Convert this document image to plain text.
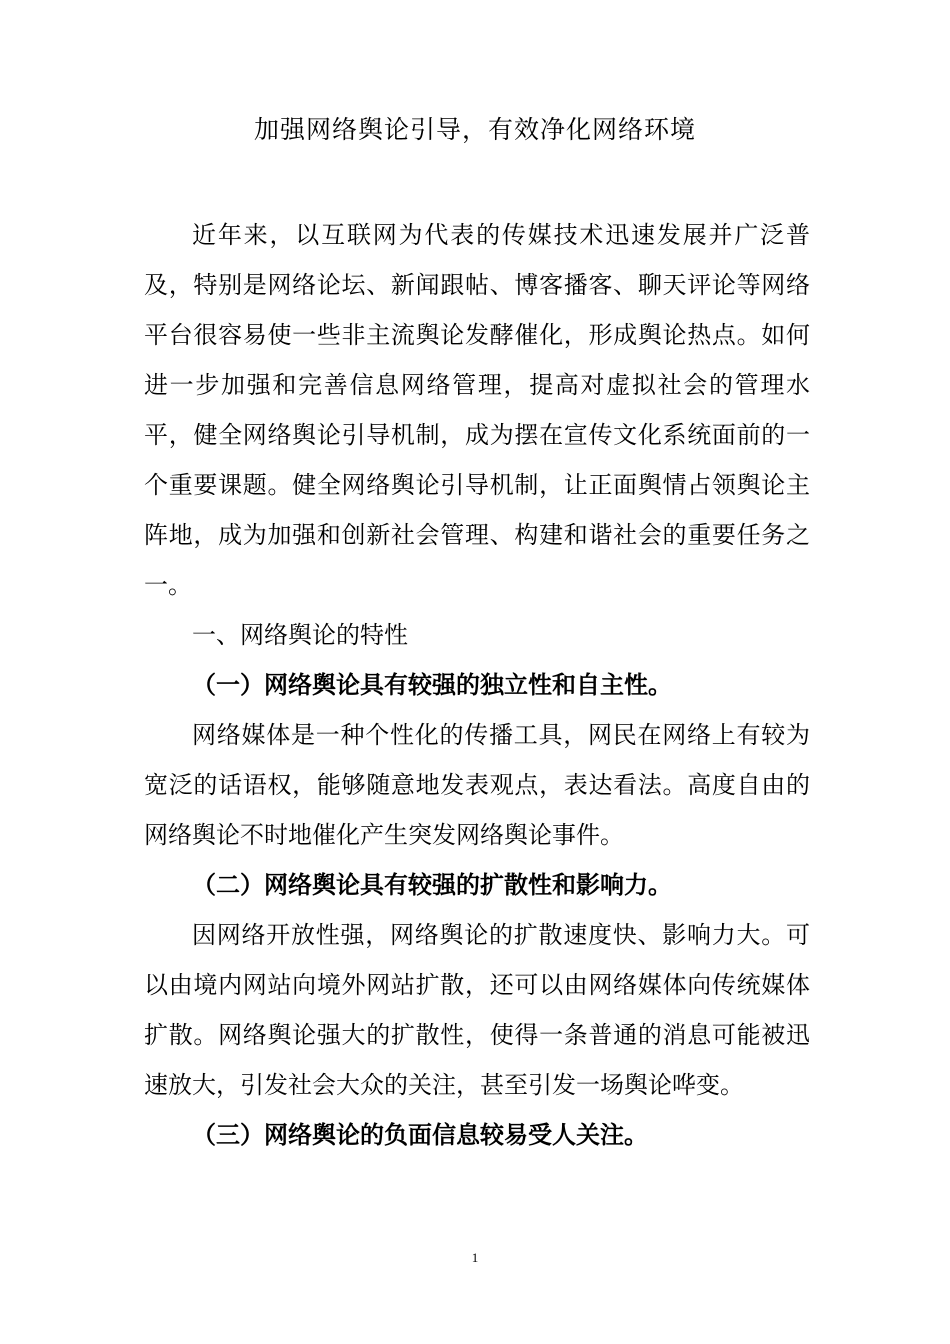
加强网络舆论引导，有效净化网络环境

近年来，以互联网为代表的传媒技术迅速发展并广泛普及，特别是网络论坛、新闻跟帖、博客播客、聊天评论等网络平台很容易使一些非主流舆论发酵催化，形成舆论热点。如何进一步加强和完善信息网络管理，提高对虚拟社会的管理水平，健全网络舆论引导机制，成为摆在宣传文化系统面前的一个重要课题。健全网络舆论引导机制，让正面舆情占领舆论主阵地，成为加强和创新社会管理、构建和谐社会的重要任务之一。

一、网络舆论的特性

（一）网络舆论具有较强的独立性和自主性。

网络媒体是一种个性化的传播工具，网民在网络上有较为宽泛的话语权，能够随意地发表观点，表达看法。高度自由的网络舆论不时地催化产生突发网络舆论事件。

（二）网络舆论具有较强的扩散性和影响力。

因网络开放性强，网络舆论的扩散速度快、影响力大。可以由境内网站向境外网站扩散，还可以由网络媒体向传统媒体扩散。网络舆论强大的扩散性，使得一条普通的消息可能被迅速放大，引发社会大众的关注，甚至引发一场舆论哗变。

（三）网络舆论的负面信息较易受人关注。

1
